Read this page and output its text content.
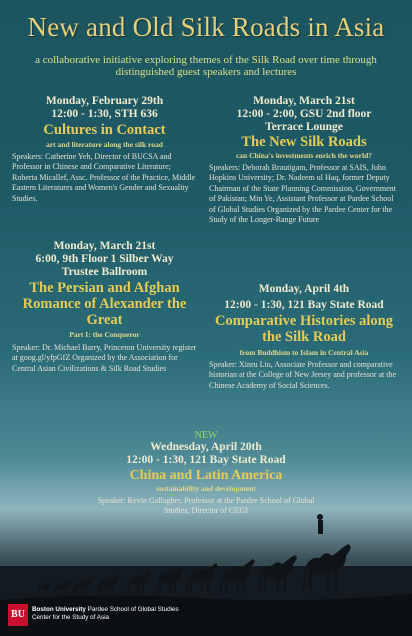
New and Old Silk Roads in Asia
a collaborative initiative exploring themes of the Silk Road over time through distinguished guest speakers and lectures
Monday, February 29th
12:00 - 1:30, STH 636
Cultures in Contact
art and literature along the silk road
Speakers: Catherine Yeh, Director of BUCSA and Professor in Chinese and Comparative Literature; Roberta Micallef, Assc. Professor of the Practice, Middle Eastern Literatures and Women's Gender and Sexuality Studies.
Monday, March 21st
12:00 - 2:00, GSU 2nd floor
Terrace Lounge
The New Silk Roads
can China's investments enrich the world?
Speakers: Deborah Brautigam, Professor at SAIS, John Hopkins University; Dr. Nadeem ul Haq, former Deputy Chairman of the State Planning Commission, Government of Pakistan; Min Ye, Assistant Professor at Pardee School of Global Studies Organized by the Pardee Center for the Study of the Longer-Range Future
Monday, March 21st
6:00, 9th Floor 1 Silber Way
Trustee Ballroom
The Persian and Afghan Romance of Alexander the Great
Part I: the Conqueror
Speaker: Dr. Michael Barry, Princeton University register at goog.gl/yfpGfZ Organized by the Association for Central Asian Civilizations & Silk Road Studies
Monday, April 4th
12:00 - 1:30, 121 Bay State Road
Comparative Histories along the Silk Road
from Buddhism to Islam in Central Asia
Speaker: Xinru Liu, Associate Professor and comparative historian at the College of New Jersey and professor at the Chinese Academy of Social Sciences.
NEW
Wednesday, April 20th
12:00 - 1:30, 121 Bay State Road
China and Latin America
sustainability and development
Speaker: Kevin Gallagher, Professor at the Pardee School of Global Studies, Director of GEGI
BU	Boston University Pardee School of Global Studies
Center for the Study of Asia
